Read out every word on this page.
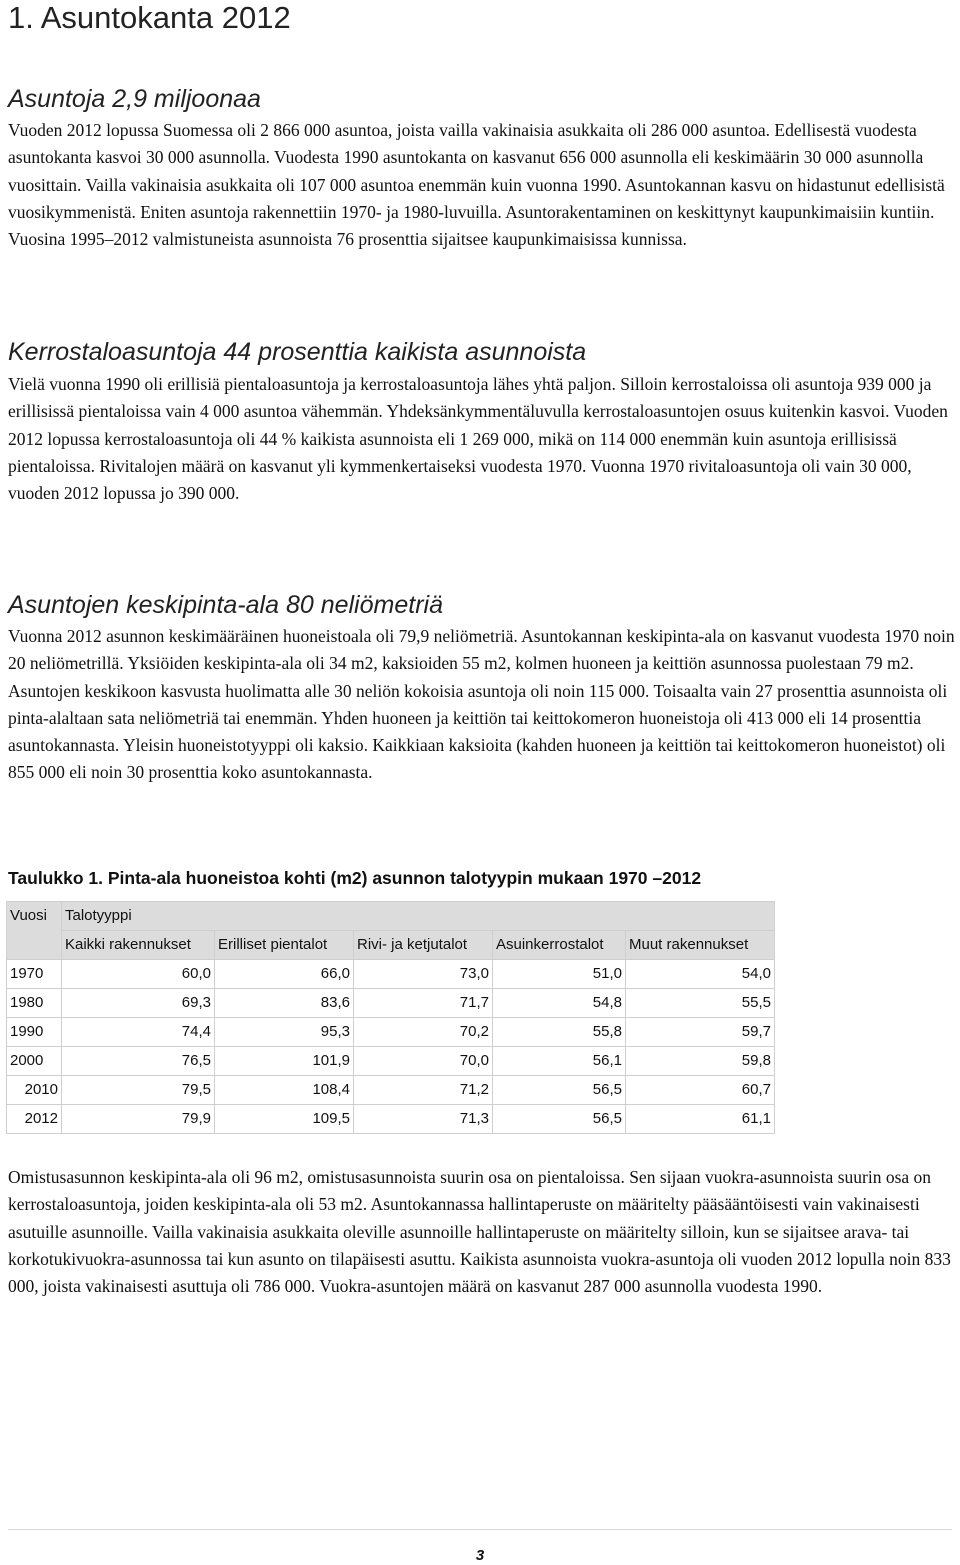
1. Asuntokanta 2012
Asuntoja 2,9 miljoonaa

Vuoden 2012 lopussa Suomessa oli 2 866 000 asuntoa, joista vailla vakinaisia asukkaita oli 286 000 asuntoa. Edellisestä vuodesta asuntokanta kasvoi 30 000 asunnolla. Vuodesta 1990 asuntokanta on kasvanut 656 000 asunnolla eli keskimäärin 30 000 asunnolla vuosittain. Vailla vakinaisia asukkaita oli 107 000 asuntoa enemmän kuin vuonna 1990. Asuntokannan kasvu on hidastunut edellisistä vuosikymmenistä. Eniten asuntoja rakennettiin 1970- ja 1980-luvuilla. Asuntorakentaminen on keskittynyt kaupunkimaisiin kuntiin. Vuosina 1995–2012 valmistuneista asunnoista 76 prosenttia sijaitsee kaupunkimaisissa kunnissa.

Kerrostaloasuntoja 44 prosenttia kaikista asunnoista

Vielä vuonna 1990 oli erillisiä pientaloasuntoja ja kerrostaloasuntoja lähes yhtä paljon. Silloin kerrostaloissa oli asuntoja 939 000 ja erillisissä pientaloissa vain 4 000 asuntoa vähemmän. Yhdeksänkymmentäluvulla kerrostaloasuntojen osuus kuitenkin kasvoi. Vuoden 2012 lopussa kerrostaloasuntoja oli 44 % kaikista asunnoista eli 1 269 000, mikä on 114 000 enemmän kuin asuntoja erillisissä pientaloissa. Rivitalojen määrä on kasvanut yli kymmenkertaiseksi vuodesta 1970. Vuonna 1970 rivitaloasuntoja oli vain 30 000, vuoden 2012 lopussa jo 390 000.

Asuntojen keskipinta-ala 80 neliömetriä

Vuonna 2012 asunnon keskimääräinen huoneistoala oli 79,9 neliömetriä. Asuntokannan keskipinta-ala on kasvanut vuodesta 1970 noin 20 neliömetrillä. Yksiöiden keskipinta-ala oli 34 m2, kaksioiden 55 m2, kolmen huoneen ja keittiön asunnossa puolestaan 79 m2. Asuntojen keskikoon kasvusta huolimatta alle 30 neliön kokoisia asuntoja oli noin 115 000. Toisaalta vain 27 prosenttia asunnoista oli pinta-alaltaan sata neliömetriä tai enemmän. Yhden huoneen ja keittiön tai keittokomeron huoneistoja oli 413 000 eli 14 prosenttia asuntokannasta. Yleisin huoneistotyyppi oli kaksio. Kaikkiaan kaksioita (kahden huoneen ja keittiön tai keittokomeron huoneistot) oli 855 000 eli noin 30 prosenttia koko asuntokannasta.

Taulukko 1. Pinta-ala huoneistoa kohti (m2) asunnon talotyypin mukaan 1970 –2012
Vuosi	Talotyyppi				
	Kaikki rakennukset	Erilliset pientalot	Rivi- ja ketjutalot	Asuinkerrostalot	Muut rakennukset
1970	60,0	66,0	73,0	51,0	54,0
1980	69,3	83,6	71,7	54,8	55,5
1990	74,4	95,3	70,2	55,8	59,7
2000	76,5	101,9	70,0	56,1	59,8
2010	79,5	108,4	71,2	56,5	60,7
2012	79,9	109,5	71,3	56,5	61,1

Omistusasunnon keskipinta-ala oli 96 m2, omistusasunnoista suurin osa on pientaloissa. Sen sijaan vuokra-asunnoista suurin osa on kerrostaloasuntoja, joiden keskipinta-ala oli 53 m2. Asuntokannassa hallintaperuste on määritelty pääsääntöisesti vain vakinaisesti asutuille asunnoille. Vailla vakinaisia asukkaita oleville asunnoille hallintaperuste on määritelty silloin, kun se sijaitsee arava- tai korkotukivuokra-asunnossa tai kun asunto on tilapäisesti asuttu. Kaikista asunnoista vuokra-asuntoja oli vuoden 2012 lopulla noin 833 000, joista vakinaisesti asuttuja oli 786 000. Vuokra-asuntojen määrä on kasvanut 287 000 asunnolla vuodesta 1990.

3
